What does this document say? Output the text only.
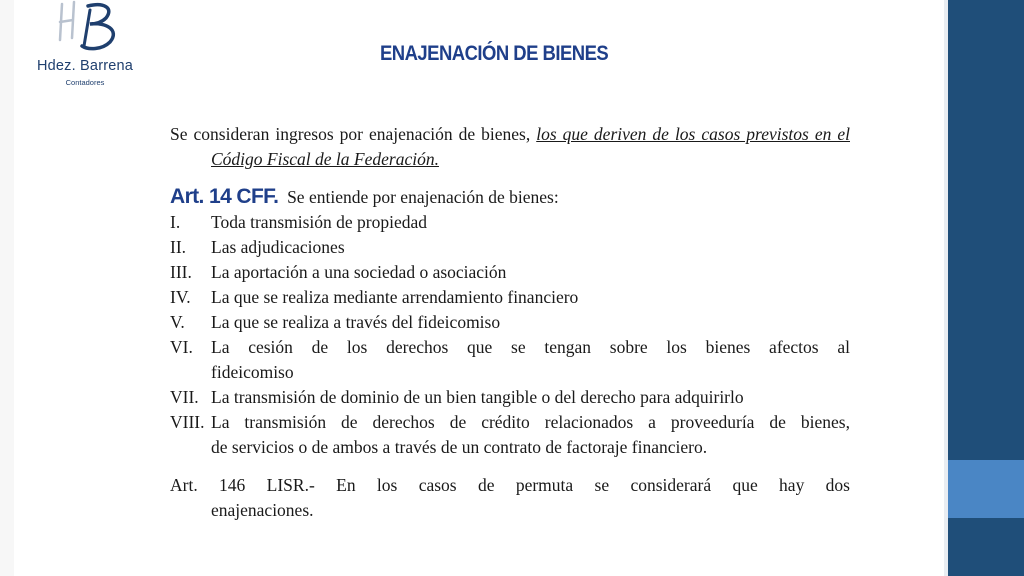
Hdez. Barrena
Contadores
ENAJENACIÓN DE BIENES

Se consideran ingresos por enajenación de bienes, los que deriven de los casos previstos en el Código Fiscal de la Federación.

Art. 14 CFF. Se entiende por enajenación de bienes:

I. Toda transmisión de propiedad
II. Las adjudicaciones
III. La aportación a una sociedad o asociación
IV. La que se realiza mediante arrendamiento financiero
V. La que se realiza a través del fideicomiso
VI. La cesión de los derechos que se tengan sobre los bienes afectos al
fideicomiso
VII. La transmisión de dominio de un bien tangible o del derecho para adquirirlo
VIII. La transmisión de derechos de crédito relacionados a proveeduría de bienes,
de servicios o de ambos a través de un contrato de factoraje financiero.

Art. 146 LISR.- En los casos de permuta se considerará que hay dos
enajenaciones.
